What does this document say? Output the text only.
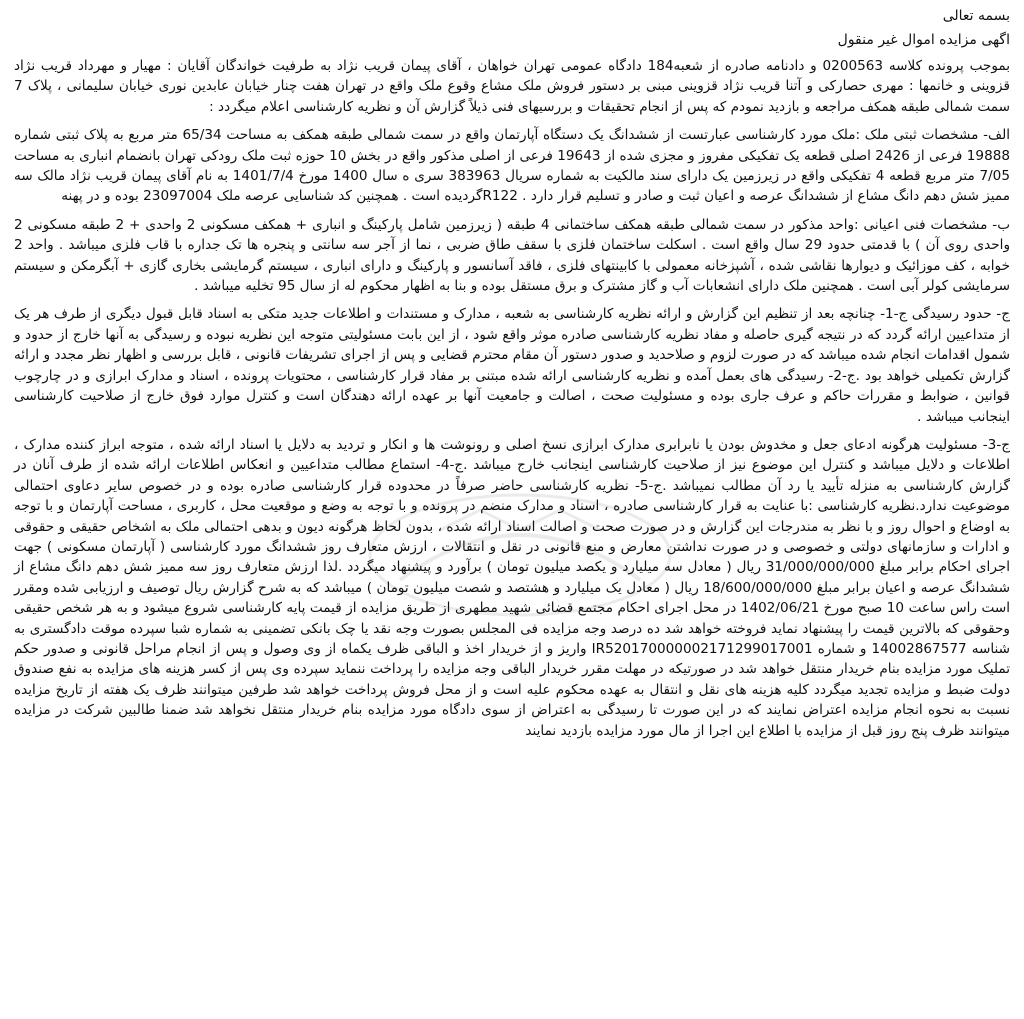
بسمه تعالی

اگهی مزایده اموال غیر منقول

بموجب پرونده کلاسه 0200563 و دادنامه صادره از شعبه184 دادگاه عمومی تهران خواهان ، آقای پیمان قریب نژاد به طرفیت خواندگان آقایان : مهیار و مهرداد قریب نژاد قزوینی و خانمها : مهری حصارکی و آتنا قریب نژاد قزوینی مبنی بر دستور فروش ملک مشاع وقوع ملک واقع در تهران هفت چنار خیابان عابدین نوری خیابان سلیمانی ، پلاک 7 سمت شمالی طبقه همکف مراجعه و بازدید نمودم که پس از انجام تحقیقات و بررسیهای فنی ذیلاً گزارش آن و نظریه کارشناسی اعلام میگردد :

الف- مشخصات ثبتی ملک :ملک مورد کارشناسی عبارتست از ششدانگ یک دستگاه آپارتمان واقع در سمت شمالی طبقه همکف به مساحت 65/34 متر مربع به پلاک ثبتی شماره 19888 فرعی از 2426 اصلی قطعه یک تفکیکی مفروز و مجزی شده از 19643 فرعی از اصلی مذکور واقع در بخش 10 حوزه ثبت ملک رودکی تهران بانضمام انباری به مساحت 7/05 متر مربع قطعه 4 تفکیکی واقع در زیرزمین یک دارای سند مالکیت به شماره سریال 383963 سری ه سال 1400 مورخ 1401/7/4 به نام آقای پیمان قریب نژاد مالک سه ممیز شش دهم دانگ مشاع از ششدانگ عرصه و اعیان ثبت و صادر و تسلیم قرار دارد . R122گردیده است . همچنین کد شناسایی عرصه ملک 23097004 بوده و در پهنه

ب- مشخصات فنی اعیانی :واحد مذکور در سمت شمالی طبقه همکف ساختمانی 4 طبقه ( زیرزمین شامل پارکینگ و انباری + همکف مسکونی 2 واحدی + 2 طبقه مسکونی 2 واحدی روی آن ) با قدمتی حدود 29 سال واقع است . اسکلت ساختمان فلزی با سقف طاق ضربی ، نما از آجر سه سانتی و پنجره ها تک جداره با قاب فلزی میباشد . واحد 2 خوابه ، کف موزائیک و دیوارها نقاشی شده ، آشپزخانه معمولی با کابینتهای فلزی ، فاقد آسانسور و پارکینگ و دارای انباری ، سیستم گرمایشی بخاری گازی + آبگرمکن و سیستم سرمایشی کولر آبی است . همچنین ملک دارای انشعابات آب و گاز مشترک و برق مستقل بوده و بنا به اظهار محکوم له از سال 95 تخلیه میباشد .

ج- حدود رسیدگی ج-1- چنانچه بعد از تنظیم این گزارش و ارائه نظریه کارشناسی به شعبه ، مدارک و مستندات و اطلاعات جدید متکی به اسناد قابل قبول دیگری از طرف هر یک از متداعیین ارائه گردد که در نتیجه گیری حاصله و مفاد نظریه کارشناسی صادره موثر واقع شود ، از این بابت مسئولیتی متوجه این نظریه نبوده و رسیدگی به آنها خارج از حدود و شمول اقدامات انجام شده میباشد که در صورت لزوم و صلاحدید و صدور دستور آن مقام محترم قضایی و پس از اجرای تشریفات قانونی ، قابل بررسی و اظهار نظر مجدد و ارائه گزارش تکمیلی خواهد بود .ج-2- رسیدگی های بعمل آمده و نظریه کارشناسی ارائه شده مبتنی بر مفاد قرار کارشناسی ، محتویات پرونده ، اسناد و مدارک ابرازی و در چارچوب قوانین ، ضوابط و مقررات حاکم و عرف جاری بوده و مسئولیت صحت ، اصالت و جامعیت آنها بر عهده ارائه دهندگان است و کنترل موارد فوق خارج از صلاحیت کارشناسی اینجانب میباشد .

ج-3- مسئولیت هرگونه ادعای جعل و مخدوش بودن یا نابرابری مدارک ابرازی نسخ اصلی و رونوشت ها و انکار و تردید به دلایل یا اسناد ارائه شده ، متوجه ابراز کننده مدارک ، اطلاعات و دلایل میباشد و کنترل این موضوع نیز از صلاحیت کارشناسی اینجانب خارج میباشد .ج-4- استماع مطالب متداعیین و انعکاس اطلاعات ارائه شده از طرف آنان در گزارش کارشناسی به منزله تأیید یا رد آن مطالب نمیباشد .ج-5- نظریه کارشناسی حاضر صرفاً در محدوده قرار کارشناسی صادره بوده و در خصوص سایر دعاوی احتمالی موضوعیت ندارد.نظریه کارشناسی :با عنایت به قرار کارشناسی صادره ، اسناد و مدارک منضم در پرونده و با توجه به وضع و موقعیت محل ، کاربری ، مساحت آپارتمان و با توجه به اوضاع و احوال روز و با نظر به مندرجات این گزارش و در صورت صحت و اصالت اسناد ارائه شده ، بدون لحاظ هرگونه دیون و بدهی احتمالی ملک به اشخاص حقیقی و حقوقی و ادارات و سازمانهای دولتی و خصوصی و در صورت نداشتن معارض و منع قانونی در نقل و انتقالات ، ارزش متعارف روز ششدانگ مورد کارشناسی ( آپارتمان مسکونی ) جهت اجرای احکام برابر مبلغ 31/000/000/000 ریال ( معادل سه میلیارد و یکصد میلیون تومان ) برآورد و پیشنهاد میگردد .لذا ارزش متعارف روز سه ممیز شش دهم دانگ مشاع از ششدانگ عرصه و اعیان برابر مبلغ 18/600/000/000 ریال ( معادل یک میلیارد و هشتصد و شصت میلیون تومان ) میباشد که به شرح گزارش ریال توصیف و ارزیابی شده ومقرر است راس ساعت 10 صبح مورخ 1402/06/21 در محل اجرای احکام مجتمع قضائی شهید مطهری از طریق مزایده از قیمت پایه کارشناسی شروع میشود و به هر شخص حقیقی وحقوقی که بالاترین قیمت را پیشنهاد نماید فروخته خواهد شد ده درصد وجه مزایده فی المجلس بصورت وجه نقد یا چک بانکی تضمینی به شماره شبا سپرده موقت دادگستری به شناسه 14002867577 و شماره IR520170000002171299017001 واریز و از خریدار اخذ و الباقی ظرف یکماه از وی وصول و پس از انجام مراحل قانونی و صدور حکم تملیک مورد مزایده بنام خریدار منتقل خواهد شد در صورتیکه در مهلت مقرر خریدار الباقی وجه مزایده را پرداخت ننماید سپرده وی پس از کسر هزینه های مزایده به نفع صندوق دولت ضبط و مزایده تجدید میگردد کلیه هزینه های نقل و انتقال به عهده محکوم علیه است و از محل فروش پرداخت خواهد شد طرفین میتوانند ظرف یک هفته از تاریخ مزایده نسبت به نحوه انجام مزایده اعتراض نمایند که در این صورت تا رسیدگی به اعتراض از سوی دادگاه مورد مزایده بنام خریدار منتقل نخواهد شد ضمنا طالبین شرکت در مزایده میتوانند ظرف پنج روز قبل از مزایده با اطلاع این اجرا از مال مورد مزایده بازدید نمایند
